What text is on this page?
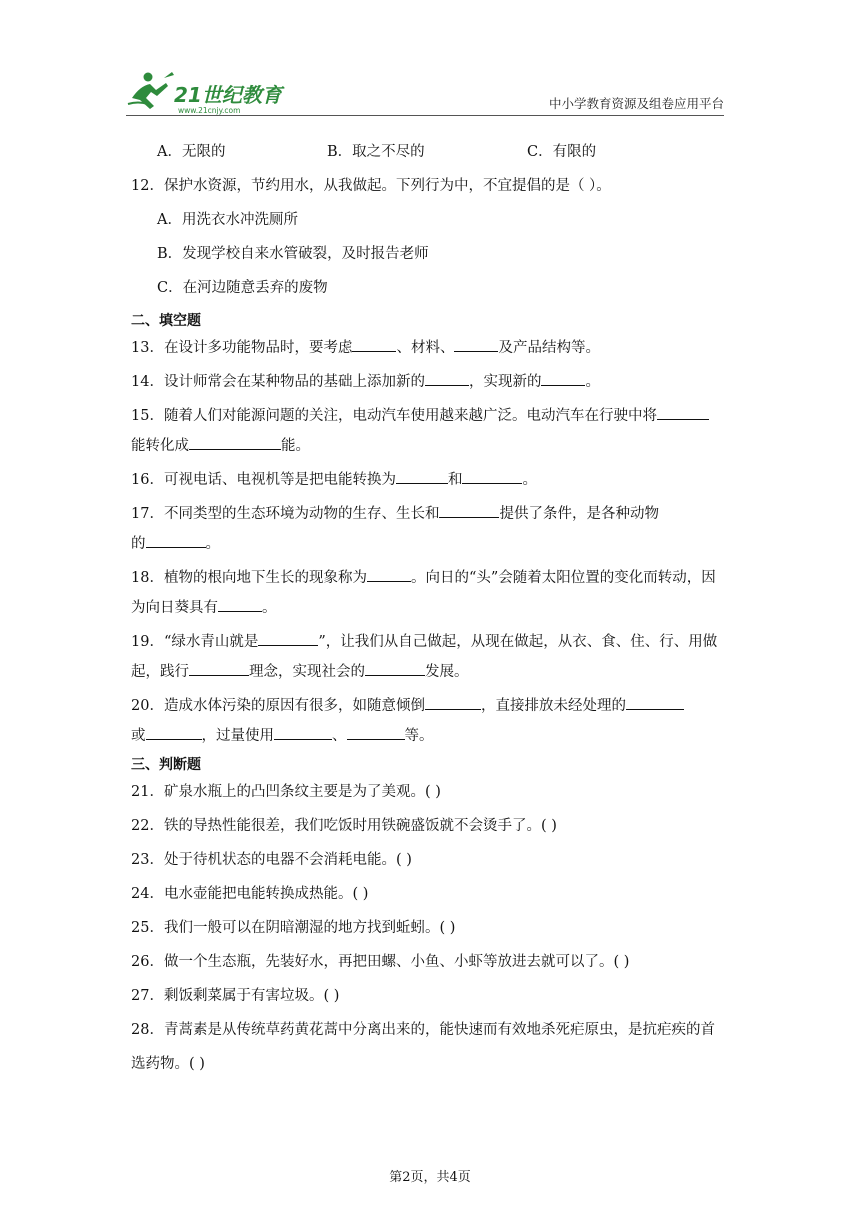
21世纪教育
www.21cnjy.com	中小学教育资源及组卷应用平台
A．无限的	B．取之不尽的	C．有限的
12．保护水资源，节约用水，从我做起。下列行为中，不宜提倡的是（ ）。
A．用洗衣水冲洗厕所
B．发现学校自来水管破裂，及时报告老师
C．在河边随意丢弃的废物
二、填空题
13．在设计多功能物品时，要考虑	、材料、	及产品结构等。
14．设计师常会在某种物品的基础上添加新的	，实现新的	。
15．随着人们对能源问题的关注，电动汽车使用越来越广泛。电动汽车在行驶中将
能转化成	能。
16．可视电话、电视机等是把电能转换为	和	。
17．不同类型的生态环境为动物的生存、生长和	提供了条件，是各种动物
的	。
18．植物的根向地下生长的现象称为	。向日的“头”会随着太阳位置的变化而转动，因
为向日葵具有	。
19．“绿水青山就是	”，让我们从自己做起，从现在做起，从衣、食、住、行、用做
起，践行	理念，实现社会的	发展。
20．造成水体污染的原因有很多，如随意倾倒	，直接排放未经处理的
或	，过量使用	、	等。
三、判断题
21．矿泉水瓶上的凸凹条纹主要是为了美观。( )
22．铁的导热性能很差，我们吃饭时用铁碗盛饭就不会烫手了。( )
23．处于待机状态的电器不会消耗电能。( )
24．电水壶能把电能转换成热能。( )
25．我们一般可以在阴暗潮湿的地方找到蚯蚓。( )
26．做一个生态瓶，先装好水，再把田螺、小鱼、小虾等放进去就可以了。( )
27．剩饭剩菜属于有害垃圾。( )
28．青蒿素是从传统草药黄花蒿中分离出来的，能快速而有效地杀死疟原虫，是抗疟疾的首
选药物。( )
第2页，共4页
